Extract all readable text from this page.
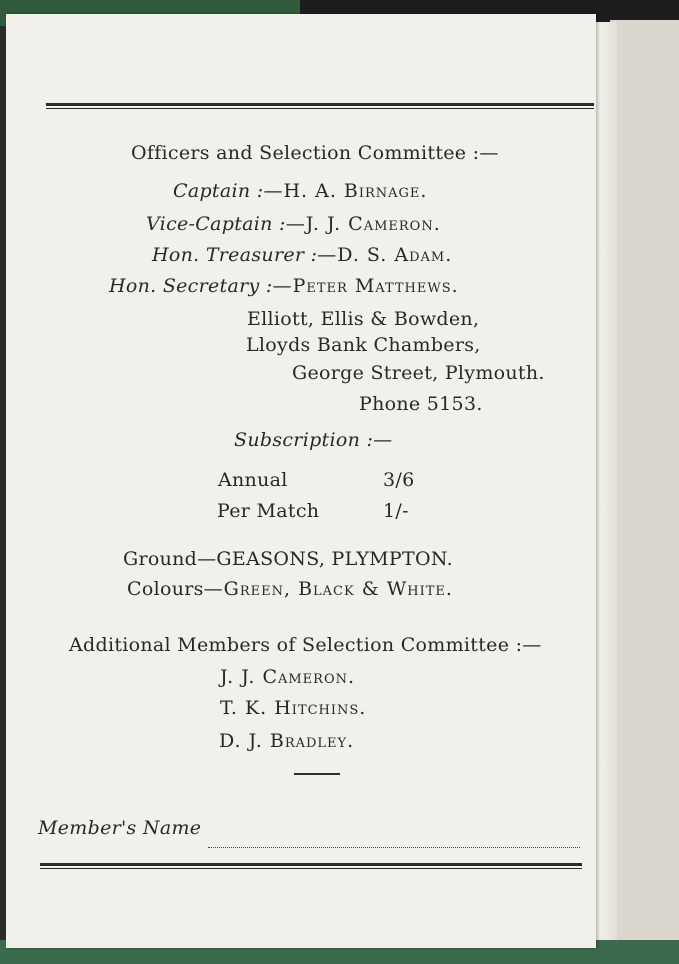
Officers and Selection Committee :—
Captain :—H. A. Birnage.
Vice-Captain :—J. J. Cameron.
Hon. Treasurer :—D. S. Adam.
Hon. Secretary :—Peter Matthews.
Elliott, Ellis & Bowden,
Lloyds Bank Chambers,
George Street, Plymouth.
Phone 5153.
Subscription :—
Annual	3/6
Per Match	1/-
Ground—GEASONS, PLYMPTON.
Colours—Green, Black & White.
Additional Members of Selection Committee :—
J. J. Cameron.
T. K. Hitchins.
D. J. Bradley.
Member's Name
